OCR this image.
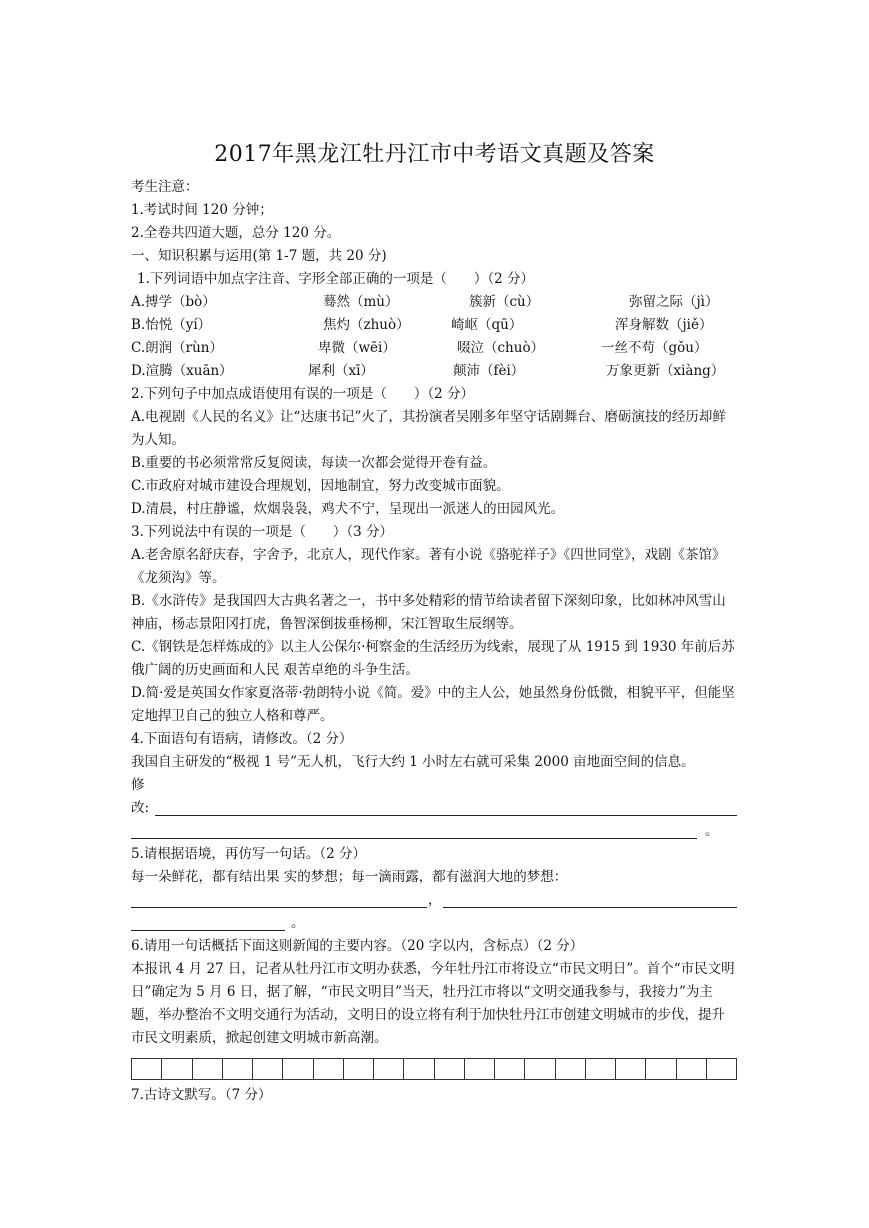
2017年黑龙江牡丹江市中考语文真题及答案
考生注意：
1.考试时间 120 分钟；
2.全卷共四道大题，总分 120 分。
一、知识积累与运用(第 1-7 题，共 20 分)
1.下列词语中加点字注音、字形全部正确的一项是（　　）（2 分）
A.搏学（bò）	蓦然（mù）	簇新（cù）	弥留之际（jì）
B.怡悦（yí）	焦灼（zhuò）	崎岖（qū）	浑身解数（jiě）
C.朗润（rùn）	卑微（wēi）	啜泣（chuò）	一丝不苟（gǒu）
D.渲腾（xuān）	犀利（xī）	颠沛（fèi）	万象更新（xiàng）
2.下列句子中加点成语使用有误的一项是（　　）（2 分）
A.电视剧《人民的名义》让“达康书记”火了，其扮演者吴刚多年坚守话剧舞台、磨砺演技的经历却鲜为人知。
B.重要的书必须常常反复阅读，每读一次都会觉得开卷有益。
C.市政府对城市建设合理规划，因地制宜，努力改变城市面貌。
D.清晨，村庄静谧，炊烟袅袅，鸡犬不宁，呈现出一派迷人的田园风光。
3.下列说法中有误的一项是（　　）（3 分）
A.老舍原名舒庆春，字舍予，北京人，现代作家。著有小说《骆驼祥子》《四世同堂》，戏剧《茶馆》《龙须沟》等。
B.《水浒传》是我国四大古典名著之一，书中多处精彩的情节给读者留下深刻印象，比如林冲风雪山神庙，杨志景阳冈打虎，鲁智深倒拔垂杨柳，宋江智取生辰纲等。
C.《钢铁是怎样炼成的》以主人公保尔·柯察金的生活经历为线索，展现了从 1915 到 1930 年前后苏俄广阔的历史画面和人民 艰苦卓绝的斗争生活。
D.简·爱是英国女作家夏洛蒂·勃朗特小说《简。爱》中的主人公，她虽然身份低微，相貌平平，但能坚定地捍卫自己的独立人格和尊严。
4.下面语句有语病，请修改。（2 分）
我国自主研发的“极视 1 号”无人机，飞行大约 1 小时左右就可采集 2000 亩地面空间的信息。
修
改:
。
5.请根据语境，再仿写一句话。（2 分）
每一朵鲜花，都有结出果 实的梦想；每一滴雨露，都有滋润大地的梦想：
，
。
6.请用一句话概括下面这则新闻的主要内容。（20 字以内，含标点）（2 分）
本报讯 4 月 27 日，记者从牡丹江市文明办获悉，今年牡丹江市将设立“市民文明日”。首个“市民文明日”确定为 5 月 6 日，据了解，“市民文明目”当天，牡丹江市将以“文明交通我参与，我接力”为主题，举办整治不文明交通行为活动，文明日的设立将有利于加快牡丹江市创建文明城市的步伐，提升市民文明素质，掀起创建文明城市新高潮。
7.古诗文默写。（7 分）
